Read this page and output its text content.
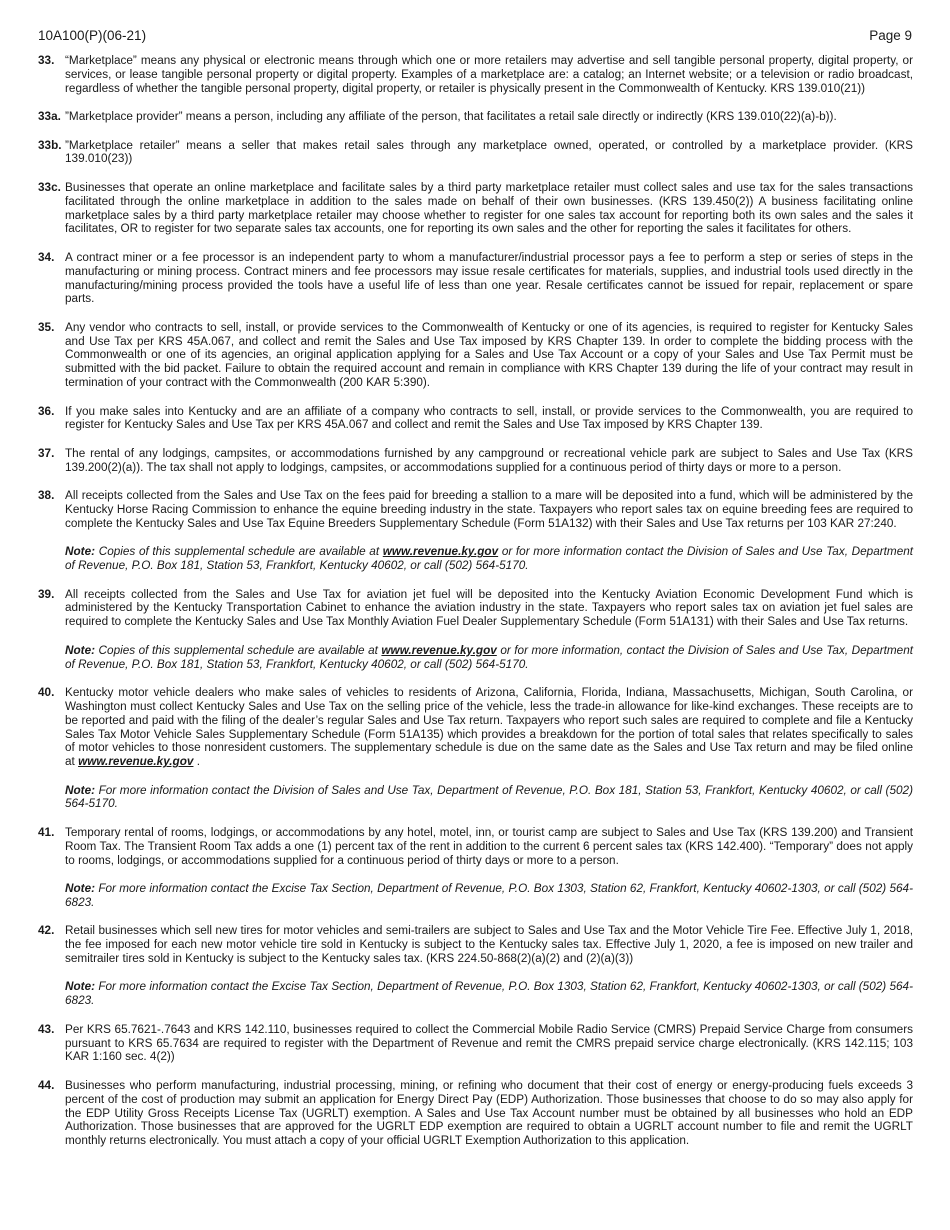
10A100(P)(06-21)	Page 9
33. “Marketplace” means any physical or electronic means through which one or more retailers may advertise and sell tangible personal property, digital property, or services, or lease tangible personal property or digital property. Examples of a marketplace are: a catalog; an Internet website; or a television or radio broadcast, regardless of whether the tangible personal property, digital property, or retailer is physically present in the Commonwealth of Kentucky. KRS 139.010(21))
33a. ”Marketplace provider” means a person, including any affiliate of the person, that facilitates a retail sale directly or indirectly (KRS 139.010(22)(a)-b)).
33b. ”Marketplace retailer” means a seller that makes retail sales through any marketplace owned, operated, or controlled by a marketplace provider. (KRS 139.010(23))
33c. Businesses that operate an online marketplace and facilitate sales by a third party marketplace retailer must collect sales and use tax for the sales transactions facilitated through the online marketplace in addition to the sales made on behalf of their own businesses. (KRS 139.450(2)) A business facilitating online marketplace sales by a third party marketplace retailer may choose whether to register for one sales tax account for reporting both its own sales and the sales it facilitates, OR to register for two separate sales tax accounts, one for reporting its own sales and the other for reporting the sales it facilitates for others.
34. A contract miner or a fee processor is an independent party to whom a manufacturer/industrial processor pays a fee to perform a step or series of steps in the manufacturing or mining process. Contract miners and fee processors may issue resale certificates for materials, supplies, and industrial tools used directly in the manufacturing/mining process provided the tools have a useful life of less than one year. Resale certificates cannot be issued for repair, replacement or spare parts.
35. Any vendor who contracts to sell, install, or provide services to the Commonwealth of Kentucky or one of its agencies, is required to register for Kentucky Sales and Use Tax per KRS 45A.067, and collect and remit the Sales and Use Tax imposed by KRS Chapter 139. In order to complete the bidding process with the Commonwealth or one of its agencies, an original application applying for a Sales and Use Tax Account or a copy of your Sales and Use Tax Permit must be submitted with the bid packet. Failure to obtain the required account and remain in compliance with KRS Chapter 139 during the life of your contract may result in termination of your contract with the Commonwealth (200 KAR 5:390).
36. If you make sales into Kentucky and are an affiliate of a company who contracts to sell, install, or provide services to the Commonwealth, you are required to register for Kentucky Sales and Use Tax per KRS 45A.067 and collect and remit the Sales and Use Tax imposed by KRS Chapter 139.
37. The rental of any lodgings, campsites, or accommodations furnished by any campground or recreational vehicle park are subject to Sales and Use Tax (KRS 139.200(2)(a)). The tax shall not apply to lodgings, campsites, or accommodations supplied for a continuous period of thirty days or more to a person.
38. All receipts collected from the Sales and Use Tax on the fees paid for breeding a stallion to a mare will be deposited into a fund, which will be administered by the Kentucky Horse Racing Commission to enhance the equine breeding industry in the state. Taxpayers who report sales tax on equine breeding fees are required to complete the Kentucky Sales and Use Tax Equine Breeders Supplementary Schedule (Form 51A132) with their Sales and Use Tax returns per 103 KAR 27:240.
Note: Copies of this supplemental schedule are available at www.revenue.ky.gov or for more information contact the Division of Sales and Use Tax, Department of Revenue, P.O. Box 181, Station 53, Frankfort, Kentucky 40602, or call (502) 564-5170.
39. All receipts collected from the Sales and Use Tax for aviation jet fuel will be deposited into the Kentucky Aviation Economic Development Fund which is administered by the Kentucky Transportation Cabinet to enhance the aviation industry in the state. Taxpayers who report sales tax on aviation jet fuel sales are required to complete the Kentucky Sales and Use Tax Monthly Aviation Fuel Dealer Supplementary Schedule (Form 51A131) with their Sales and Use Tax returns.
Note: Copies of this supplemental schedule are available at www.revenue.ky.gov or for more information, contact the Division of Sales and Use Tax, Department of Revenue, P.O. Box 181, Station 53, Frankfort, Kentucky 40602, or call (502) 564-5170.
40. Kentucky motor vehicle dealers who make sales of vehicles to residents of Arizona, California, Florida, Indiana, Massachusetts, Michigan, South Carolina, or Washington must collect Kentucky Sales and Use Tax on the selling price of the vehicle, less the trade-in allowance for like-kind exchanges. These receipts are to be reported and paid with the filing of the dealer’s regular Sales and Use Tax return. Taxpayers who report such sales are required to complete and file a Kentucky Sales Tax Motor Vehicle Sales Supplementary Schedule (Form 51A135) which provides a breakdown for the portion of total sales that relates specifically to sales of motor vehicles to those nonresident customers. The supplementary schedule is due on the same date as the Sales and Use Tax return and may be filed online at www.revenue.ky.gov .
Note: For more information contact the Division of Sales and Use Tax, Department of Revenue, P.O. Box 181, Station 53, Frankfort, Kentucky 40602, or call (502) 564-5170.
41. Temporary rental of rooms, lodgings, or accommodations by any hotel, motel, inn, or tourist camp are subject to Sales and Use Tax (KRS 139.200) and Transient Room Tax. The Transient Room Tax adds a one (1) percent tax of the rent in addition to the current 6 percent sales tax (KRS 142.400). “Temporary” does not apply to rooms, lodgings, or accommodations supplied for a continuous period of thirty days or more to a person.
Note: For more information contact the Excise Tax Section, Department of Revenue, P.O. Box 1303, Station 62, Frankfort, Kentucky 40602-1303, or call (502) 564-6823.
42. Retail businesses which sell new tires for motor vehicles and semi-trailers are subject to Sales and Use Tax and the Motor Vehicle Tire Fee. Effective July 1, 2018, the fee imposed for each new motor vehicle tire sold in Kentucky is subject to the Kentucky sales tax. Effective July 1, 2020, a fee is imposed on new trailer and semitrailer tires sold in Kentucky is subject to the Kentucky sales tax. (KRS 224.50-868(2)(a)(2) and (2)(a)(3))
Note: For more information contact the Excise Tax Section, Department of Revenue, P.O. Box 1303, Station 62, Frankfort, Kentucky 40602-1303, or call (502) 564-6823.
43. Per KRS 65.7621-.7643 and KRS 142.110, businesses required to collect the Commercial Mobile Radio Service (CMRS) Prepaid Service Charge from consumers pursuant to KRS 65.7634 are required to register with the Department of Revenue and remit the CMRS prepaid service charge electronically. (KRS 142.115; 103 KAR 1:160 sec. 4(2))
44. Businesses who perform manufacturing, industrial processing, mining, or refining who document that their cost of energy or energy-producing fuels exceeds 3 percent of the cost of production may submit an application for Energy Direct Pay (EDP) Authorization. Those businesses that choose to do so may also apply for the EDP Utility Gross Receipts License Tax (UGRLT) exemption. A Sales and Use Tax Account number must be obtained by all businesses who hold an EDP Authorization. Those businesses that are approved for the UGRLT EDP exemption are required to obtain a UGRLT account number to file and remit the UGRLT monthly returns electronically. You must attach a copy of your official UGRLT Exemption Authorization to this application.
